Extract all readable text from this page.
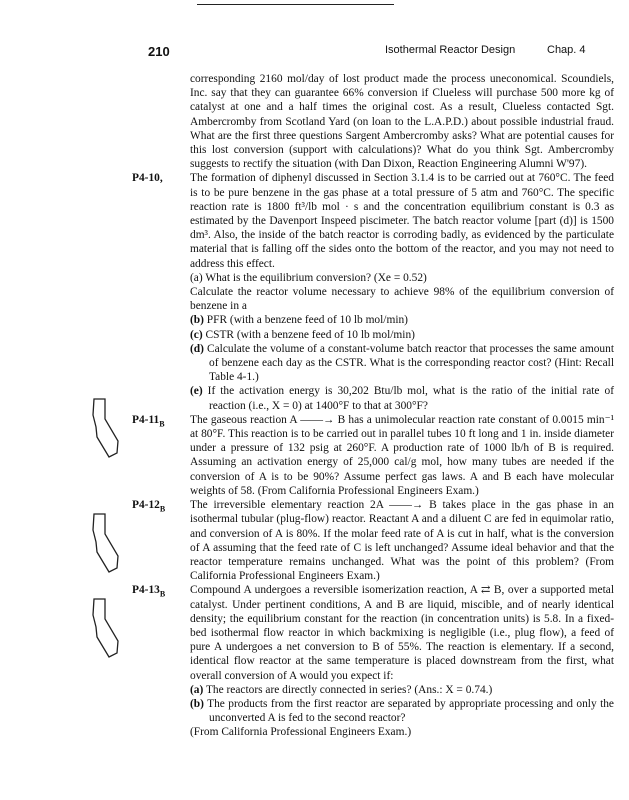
210	Isothermal Reactor Design	Chap. 4

corresponding 2160 mol/day of lost product made the process uneconomical. Scoundiels, Inc. say that they can guarantee 66% conversion if Clueless will purchase 500 more kg of catalyst at one and a half times the original cost. As a result, Clueless contacted Sgt. Ambercromby from Scotland Yard (on loan to the L.A.P.D.) about possible industrial fraud. What are the first three questions Sargent Ambercromby asks? What are potential causes for this lost conversion (support with calculations)? What do you think Sgt. Ambercromby suggests to rectify the situation (with Dan Dixon, Reaction Engineering Alumni W'97).

P4-10, The formation of diphenyl discussed in Section 3.1.4 is to be carried out at 760°C. The feed is to be pure benzene in the gas phase at a total pressure of 5 atm and 760°C. The specific reaction rate is 1800 ft³/lb mol · s and the concentration equilibrium constant is 0.3 as estimated by the Davenport Inspeed piscimeter. The batch reactor volume [part (d)] is 1500 dm³. Also, the inside of the batch reactor is corroding badly, as evidenced by the particulate material that is falling off the sides onto the bottom of the reactor, and you may not need to address this effect.

(a) What is the equilibrium conversion? (Xe = 0.52)

Calculate the reactor volume necessary to achieve 98% of the equilibrium conversion of benzene in a

(b) PFR (with a benzene feed of 10 lb mol/min)

(c) CSTR (with a benzene feed of 10 lb mol/min)

(d) Calculate the volume of a constant-volume batch reactor that processes the same amount of benzene each day as the CSTR. What is the corresponding reactor cost? (Hint: Recall Table 4-1.)

(e) If the activation energy is 30,202 Btu/lb mol, what is the ratio of the initial rate of reaction (i.e., X = 0) at 1400°F to that at 300°F?

$P4-11_B$ The gaseous reaction A ——→ B has a unimolecular reaction rate constant of 0.0015 min⁻¹ at 80°F. This reaction is to be carried out in parallel tubes 10 ft long and 1 in. inside diameter under a pressure of 132 psig at 260°F. A production rate of 1000 lb/h of B is required. Assuming an activation energy of 25,000 cal/g mol, how many tubes are needed if the conversion of A is to be 90%? Assume perfect gas laws. A and B each have molecular weights of 58. (From California Professional Engineers Exam.)

$P4-12_B$ The irreversible elementary reaction 2A ——→ B takes place in the gas phase in an isothermal tubular (plug-flow) reactor. Reactant A and a diluent C are fed in equimolar ratio, and conversion of A is 80%. If the molar feed rate of A is cut in half, what is the conversion of A assuming that the feed rate of C is left unchanged? Assume ideal behavior and that the reactor temperature remains unchanged. What was the point of this problem? (From California Professional Engineers Exam.)

$P4-13_B$ Compound A undergoes a reversible isomerization reaction, A ⇄ B, over a supported metal catalyst. Under pertinent conditions, A and B are liquid, miscible, and of nearly identical density; the equilibrium constant for the reaction (in concentration units) is 5.8. In a fixed-bed isothermal flow reactor in which backmixing is negligible (i.e., plug flow), a feed of pure A undergoes a net conversion to B of 55%. The reaction is elementary. If a second, identical flow reactor at the same temperature is placed downstream from the first, what overall conversion of A would you expect if:

(a) The reactors are directly connected in series? (Ans.: X = 0.74.)

(b) The products from the first reactor are separated by appropriate processing and only the unconverted A is fed to the second reactor?

(From California Professional Engineers Exam.)
